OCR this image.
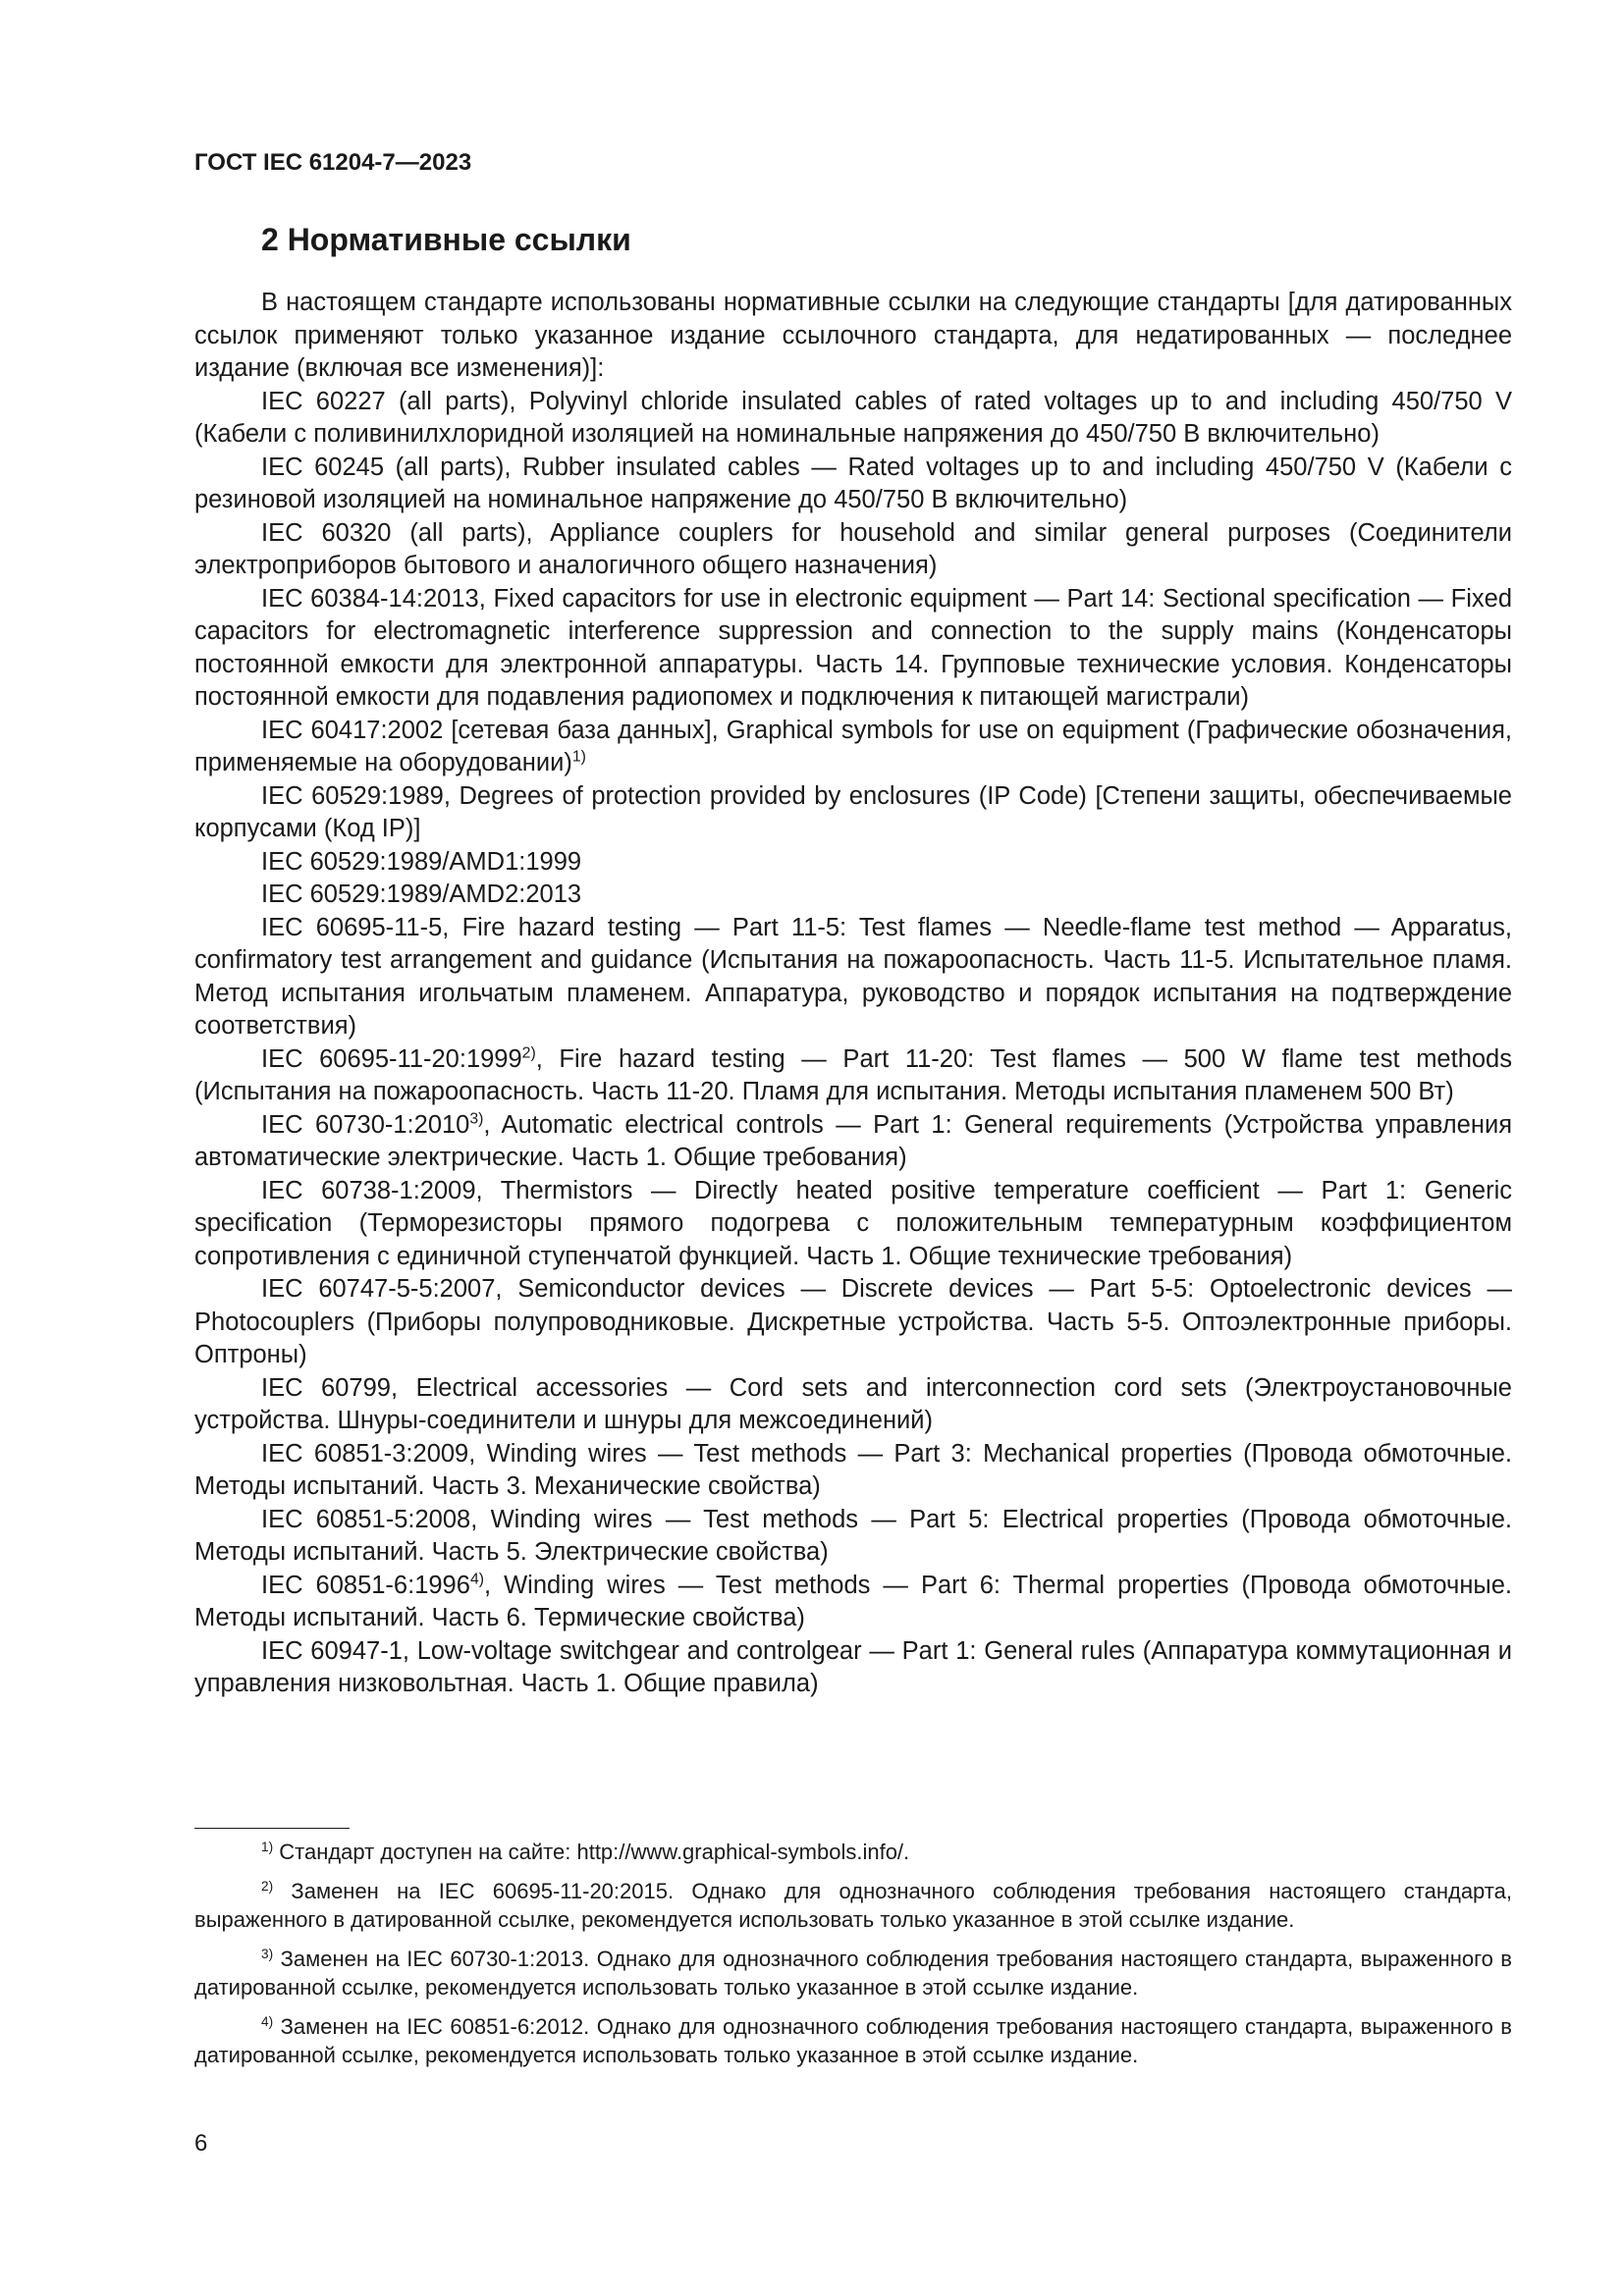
ГОСТ IEC 61204-7—2023
2 Нормативные ссылки

В настоящем стандарте использованы нормативные ссылки на следующие стандарты [для датированных ссылок применяют только указанное издание ссылочного стандарта, для недатированных — последнее издание (включая все изменения)]:

IEC 60227 (all parts), Polyvinyl chloride insulated cables of rated voltages up to and including 450/750 V (Кабели с поливинилхлоридной изоляцией на номинальные напряжения до 450/750 В включительно)

IEC 60245 (all parts), Rubber insulated cables — Rated voltages up to and including 450/750 V (Кабели с резиновой изоляцией на номинальное напряжение до 450/750 В включительно)

IEC 60320 (all parts), Appliance couplers for household and similar general purposes (Соединители электроприборов бытового и аналогичного общего назначения)

IEC 60384-14:2013, Fixed capacitors for use in electronic equipment — Part 14: Sectional specification — Fixed capacitors for electromagnetic interference suppression and connection to the supply mains (Конденсаторы постоянной емкости для электронной аппаратуры. Часть 14. Групповые технические условия. Конденсаторы постоянной емкости для подавления радиопомех и подключения к питающей магистрали)

IEC 60417:2002 [сетевая база данных], Graphical symbols for use on equipment (Графические обозначения, применяемые на оборудовании)$^{1)}$

IEC 60529:1989, Degrees of protection provided by enclosures (IP Code) [Степени защиты, обеспечиваемые корпусами (Код IP)]

IEC 60529:1989/AMD1:1999

IEC 60529:1989/AMD2:2013

IEC 60695-11-5, Fire hazard testing — Part 11-5: Test flames — Needle-flame test method — Apparatus, confirmatory test arrangement and guidance (Испытания на пожароопасность. Часть 11-5. Испытательное пламя. Метод испытания игольчатым пламенем. Аппаратура, руководство и порядок испытания на подтверждение соответствия)

IEC 60695-11-20:1999$^{2)}$, Fire hazard testing — Part 11-20: Test flames — 500 W flame test methods (Испытания на пожароопасность. Часть 11-20. Пламя для испытания. Методы испытания пламенем 500 Вт)

IEC 60730-1:2010$^{3)}$, Automatic electrical controls — Part 1: General requirements (Устройства управления автоматические электрические. Часть 1. Общие требования)

IEC 60738-1:2009, Thermistors — Directly heated positive temperature coefficient — Part 1: Generic specification (Терморезисторы прямого подогрева с положительным температурным коэффициентом сопротивления с единичной ступенчатой функцией. Часть 1. Общие технические требования)

IEC 60747-5-5:2007, Semiconductor devices — Discrete devices — Part 5-5: Optoelectronic devices — Photocouplers (Приборы полупроводниковые. Дискретные устройства. Часть 5-5. Оптоэлектронные приборы. Оптроны)

IEC 60799, Electrical accessories — Cord sets and interconnection cord sets (Электроустановочные устройства. Шнуры-соединители и шнуры для межсоединений)

IEC 60851-3:2009, Winding wires — Test methods — Part 3: Mechanical properties (Провода обмоточные. Методы испытаний. Часть 3. Механические свойства)

IEC 60851-5:2008, Winding wires — Test methods — Part 5: Electrical properties (Провода обмоточные. Методы испытаний. Часть 5. Электрические свойства)

IEC 60851-6:1996$^{4)}$, Winding wires — Test methods — Part 6: Thermal properties (Провода обмоточные. Методы испытаний. Часть 6. Термические свойства)

IEC 60947-1, Low-voltage switchgear and controlgear — Part 1: General rules (Аппаратура коммутационная и управления низковольтная. Часть 1. Общие правила)

$^{1)}$ Стандарт доступен на сайте: http://www.graphical-symbols.info/.

$^{2)}$ Заменен на IEC 60695-11-20:2015. Однако для однозначного соблюдения требования настоящего стандарта, выраженного в датированной ссылке, рекомендуется использовать только указанное в этой ссылке издание.

$^{3)}$ Заменен на IEC 60730-1:2013. Однако для однозначного соблюдения требования настоящего стандарта, выраженного в датированной ссылке, рекомендуется использовать только указанное в этой ссылке издание.

$^{4)}$ Заменен на IEC 60851-6:2012. Однако для однозначного соблюдения требования настоящего стандарта, выраженного в датированной ссылке, рекомендуется использовать только указанное в этой ссылке издание.

6
